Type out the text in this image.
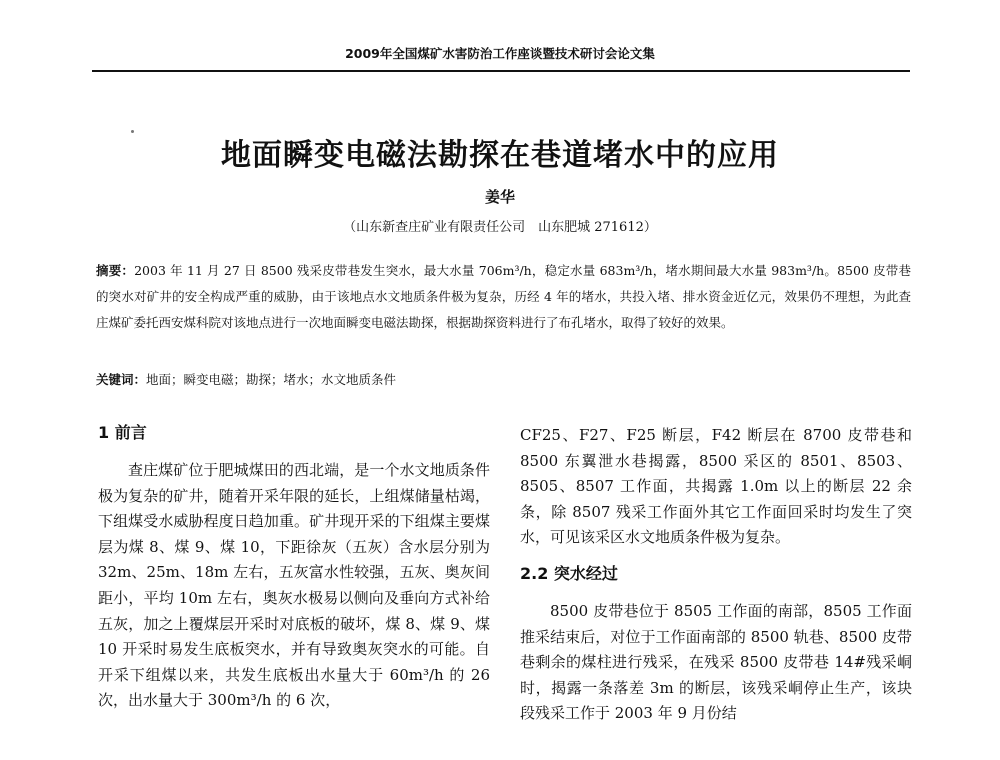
2009年全国煤矿水害防治工作座谈暨技术研讨会论文集
地面瞬变电磁法勘探在巷道堵水中的应用
姜华
（山东新查庄矿业有限责任公司　山东肥城 271612）
摘要：2003 年 11 月 27 日 8500 残采皮带巷发生突水，最大水量 706m³/h，稳定水量 683m³/h，堵水期间最大水量 983m³/h。8500 皮带巷的突水对矿井的安全构成严重的威胁，由于该地点水文地质条件极为复杂，历经 4 年的堵水，共投入堵、排水资金近亿元，效果仍不理想，为此查庄煤矿委托西安煤科院对该地点进行一次地面瞬变电磁法勘探，根据勘探资料进行了布孔堵水，取得了较好的效果。
关键词：地面；瞬变电磁；勘探；堵水；水文地质条件
1 前言

查庄煤矿位于肥城煤田的西北端，是一个水文地质条件极为复杂的矿井，随着开采年限的延长，上组煤储量枯竭，下组煤受水威胁程度日趋加重。矿井现开采的下组煤主要煤层为煤 8、煤 9、煤 10，下距徐灰（五灰）含水层分别为 32m、25m、18m 左右，五灰富水性较强，五灰、奥灰间距小，平均 10m 左右，奥灰水极易以侧向及垂向方式补给五灰，加之上覆煤层开采时对底板的破坏，煤 8、煤 9、煤 10 开采时易发生底板突水，并有导致奥灰突水的可能。自开采下组煤以来，共发生底板出水量大于 60m³/h 的 26 次，出水量大于 300m³/h 的 6 次，

CF25、F27、F25 断层，F42 断层在 8700 皮带巷和 8500 东翼泄水巷揭露，8500 采区的 8501、8503、8505、8507 工作面，共揭露 1.0m 以上的断层 22 余条，除 8507 残采工作面外其它工作面回采时均发生了突水，可见该采区水文地质条件极为复杂。

2.2 突水经过

8500 皮带巷位于 8505 工作面的南部，8505 工作面推采结束后，对位于工作面南部的 8500 轨巷、8500 皮带巷剩余的煤柱进行残采，在残采 8500 皮带巷 14#残采峒时，揭露一条落差 3m 的断层，该残采峒停止生产，该块段残采工作于 2003 年 9 月份结
